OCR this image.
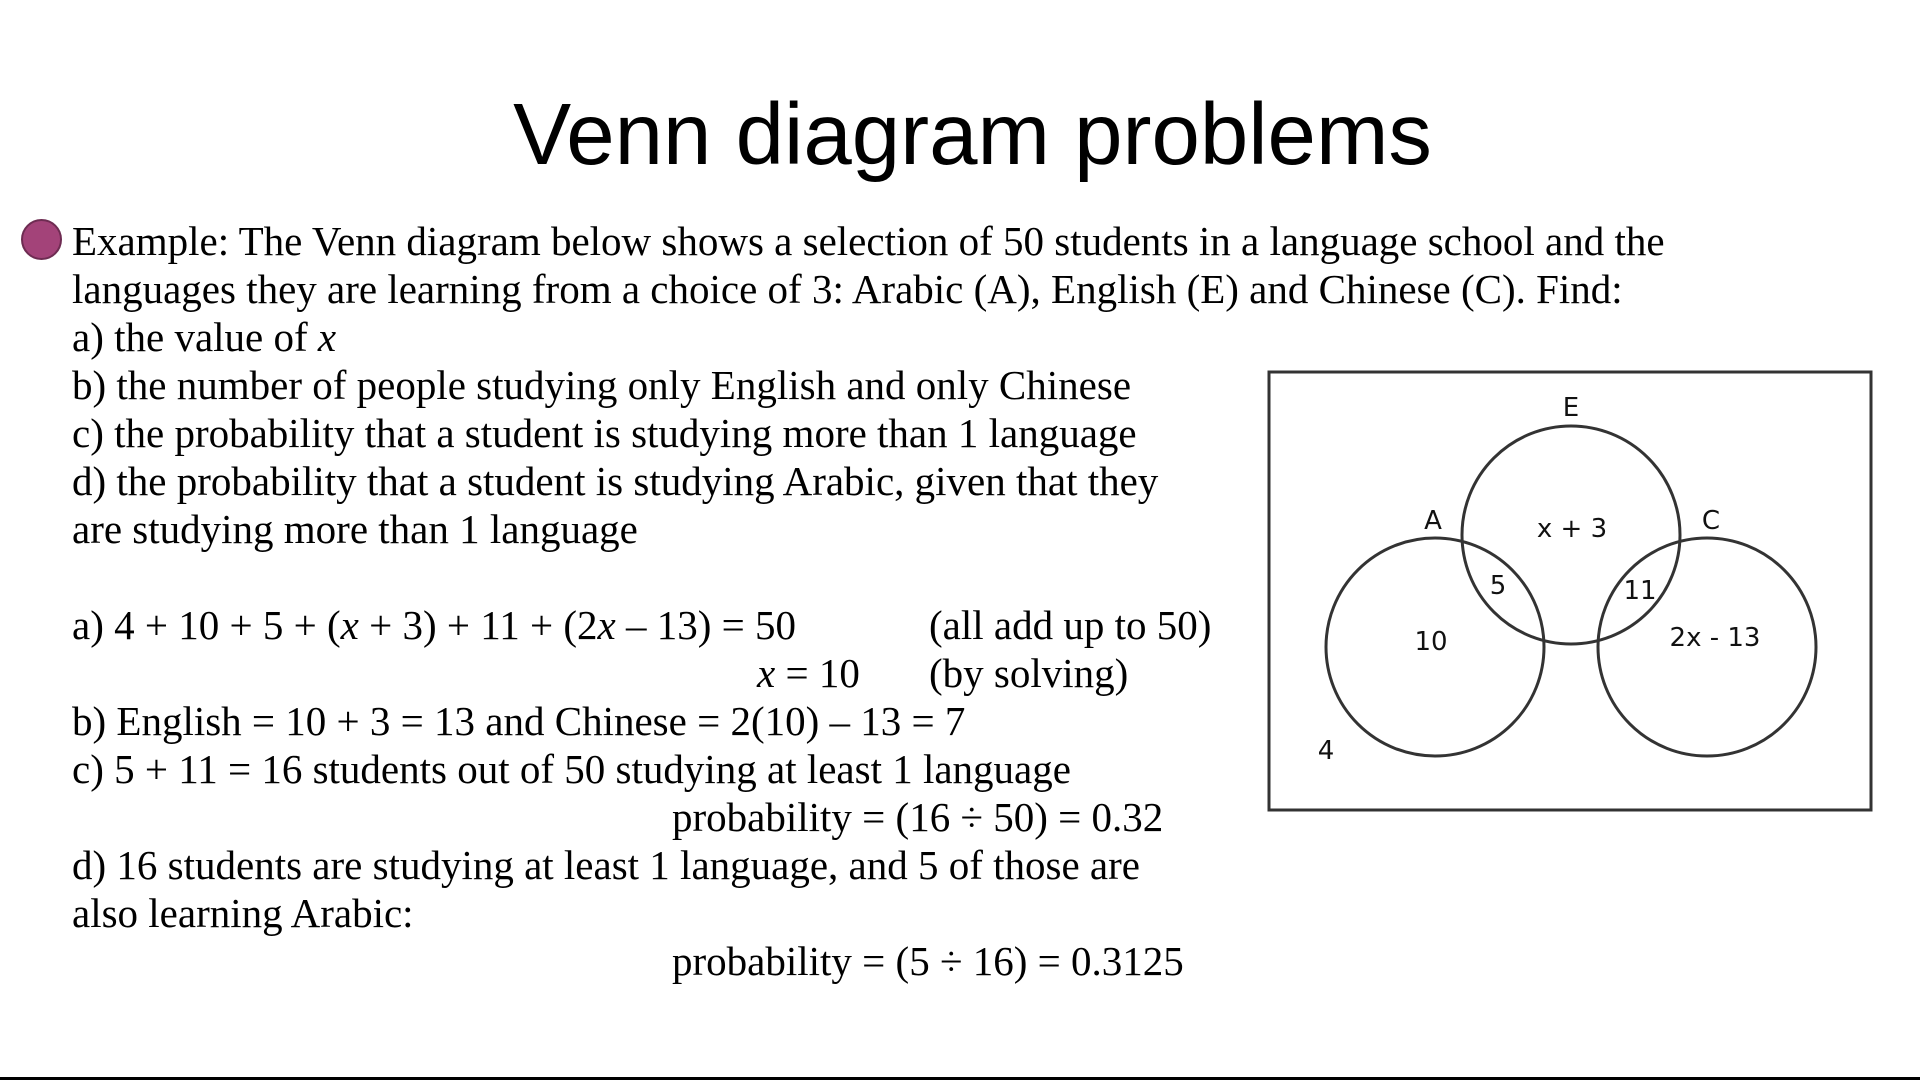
Venn diagram problems
Example: The Venn diagram below shows a selection of 50 students in a language school and the
languages they are learning from a choice of 3: Arabic (A), English (E) and Chinese (C). Find:
a) the value of x
b) the number of people studying only English and only Chinese
c) the probability that a student is studying more than 1 language
d) the probability that a student is studying Arabic, given that they
are studying more than 1 language
a) 4 + 10 + 5 + (x + 3) + 11 + (2x – 13) = 50	(all add up to 50)
x = 10 (by solving)
b) English = 10 + 3 = 13 and Chinese = 2(10) – 13 = 7
c) 5 + 11 = 16 students out of 50 studying at least 1 language
probability = (16 ÷ 50) = 0.32
d) 16 students are studying at least 1 language, and 5 of those are
also learning Arabic:
probability = (5 ÷ 16) = 0.3125
A
E
C
10
x + 3
2x - 13
5	11
4
